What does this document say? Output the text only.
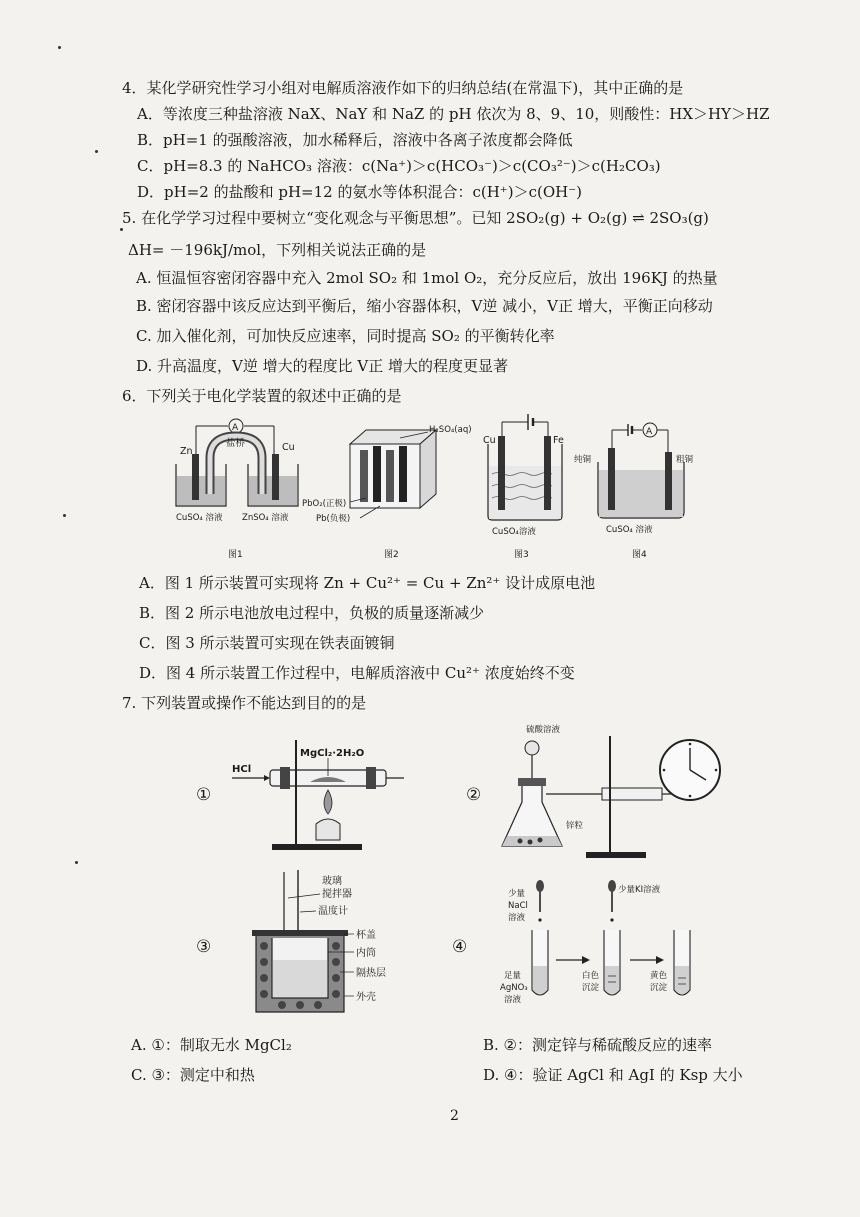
4．某化学研究性学习小组对电解质溶液作如下的归纳总结(在常温下)，其中正确的是
A．等浓度三种盐溶液 NaX、NaY 和 NaZ 的 pH 依次为 8、9、10，则酸性：HX＞HY＞HZ
B．pH=1 的强酸溶液，加水稀释后，溶液中各离子浓度都会降低
C．pH=8.3 的 NaHCO₃ 溶液：c(Na⁺)＞c(HCO₃⁻)＞c(CO₃²⁻)＞c(H₂CO₃)
D．pH=2 的盐酸和 pH=12 的氨水等体积混合：c(H⁺)＞c(OH⁻)
5. 在化学学习过程中要树立“变化观念与平衡思想”。已知 2SO₂(g) + O₂(g) ⇌ 2SO₃(g)
ΔH= －196kJ/mol，下列相关说法正确的是
A. 恒温恒容密闭容器中充入 2mol SO₂ 和 1mol O₂，充分反应后，放出 196KJ 的热量
B. 密闭容器中该反应达到平衡后，缩小容器体积，V逆 减小，V正 增大，平衡正向移动
C. 加入催化剂，可加快反应速率，同时提高 SO₂ 的平衡转化率
D. 升高温度，V逆 增大的程度比 V正 增大的程度更显著
6．下列关于电化学装置的叙述中正确的是
A
盐桥
Zn	Cu
CuSO₄ 溶液 ZnSO₄ 溶液
图1
H₂SO₄(aq)
PbO₂(正极)
Pb(负极)
图2
Cu	Fe
CuSO₄溶液
图3
A
纯铜	粗铜
CuSO₄ 溶液
图4
A．图 1 所示装置可实现将 Zn + Cu²⁺ = Cu + Zn²⁺ 设计成原电池
B．图 2 所示电池放电过程中，负极的质量逐渐减少
C．图 3 所示装置可实现在铁表面镀铜
D．图 4 所示装置工作过程中，电解质溶液中 Cu²⁺ 浓度始终不变
7. 下列装置或操作不能达到目的的是
①
HCl
MgCl₂·2H₂O
②
硫酸溶液
锌粒
③
玻璃
搅拌器
温度计
杯盖
内筒
隔热层
外壳
④
少量
NaCl
溶液
足量
AgNO₃
溶液
少量KI溶液
白色
沉淀
黄色
沉淀
A. ①：制取无水 MgCl₂	B. ②：测定锌与稀硫酸反应的速率
C. ③：测定中和热	D. ④：验证 AgCl 和 AgI 的 Ksp 大小
2
